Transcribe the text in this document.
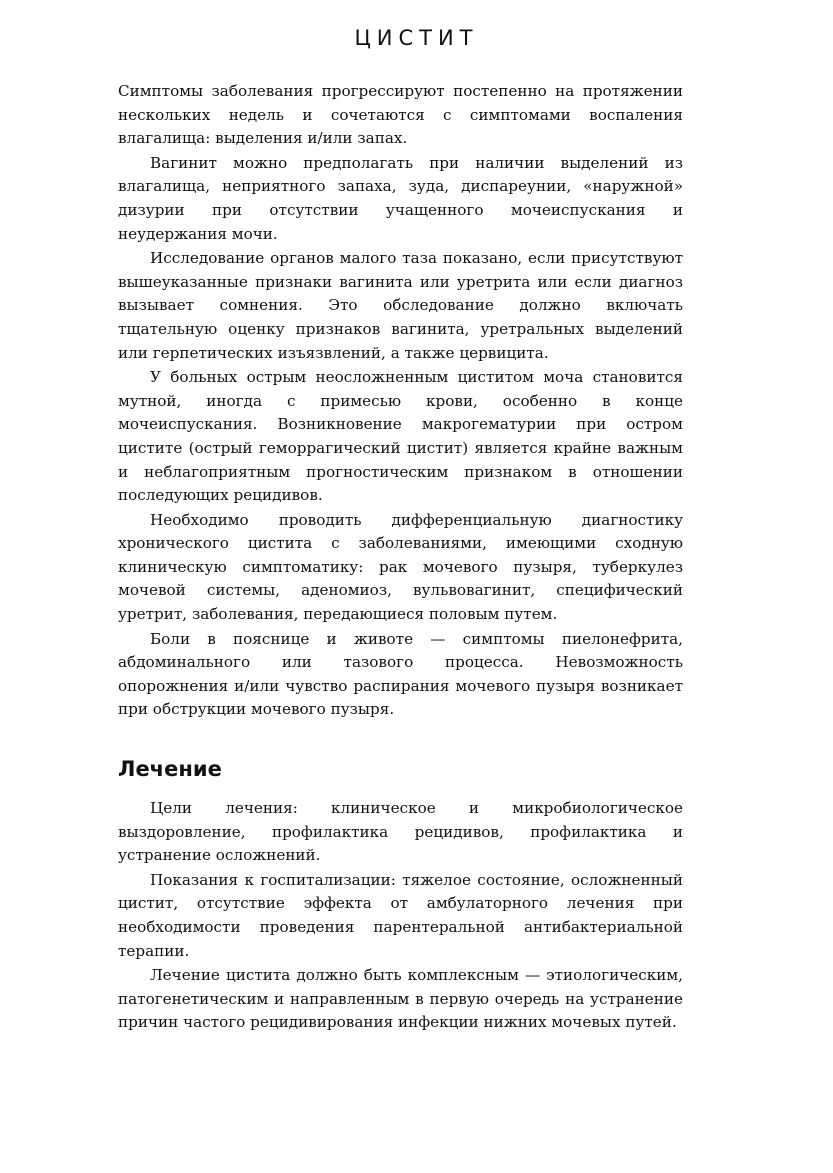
ЦИСТИТ

Симптомы заболевания прогрессируют постепенно на протяжении нескольких недель и сочетаются с симптомами воспаления влагалища: выделения и/или запах.

Вагинит можно предполагать при наличии выделений из влагалища, неприятного запаха, зуда, диспареунии, «наружной» дизурии при отсутствии учащенного мочеиспускания и неудержания мочи.

Исследование органов малого таза показано, если присутствуют вышеуказанные признаки вагинита или уретрита или если диагноз вызывает сомнения. Это обследование должно включать тщательную оценку признаков вагинита, уретральных выделений или герпетических изъязвлений, а также цервицита.

У больных острым неосложненным циститом моча становится мутной, иногда с примесью крови, особенно в конце мочеиспускания. Возникновение макрогематурии при остром цистите (острый геморрагический цистит) является крайне важным и неблагоприятным прогностическим признаком в отношении последующих рецидивов.

Необходимо проводить дифференциальную диагностику хронического цистита с заболеваниями, имеющими сходную клиническую симптоматику: рак мочевого пузыря, туберкулез мочевой системы, аденомиоз, вульвовагинит, специфический уретрит, заболевания, передающиеся половым путем.

Боли в пояснице и животе — симптомы пиелонефрита, абдоминального или тазового процесса. Невозможность опорожнения и/или чувство распирания мочевого пузыря возникает при обструкции мочевого пузыря.

Лечение

Цели лечения: клиническое и микробиологическое выздоровление, профилактика рецидивов, профилактика и устранение осложнений.

Показания к госпитализации: тяжелое состояние, осложненный цистит, отсутствие эффекта от амбулаторного лечения при необходимости проведения парентеральной антибактериальной терапии.

Лечение цистита должно быть комплексным — этиологическим, патогенетическим и направленным в первую очередь на устранение причин частого рецидивирования инфекции нижних мочевых путей.
